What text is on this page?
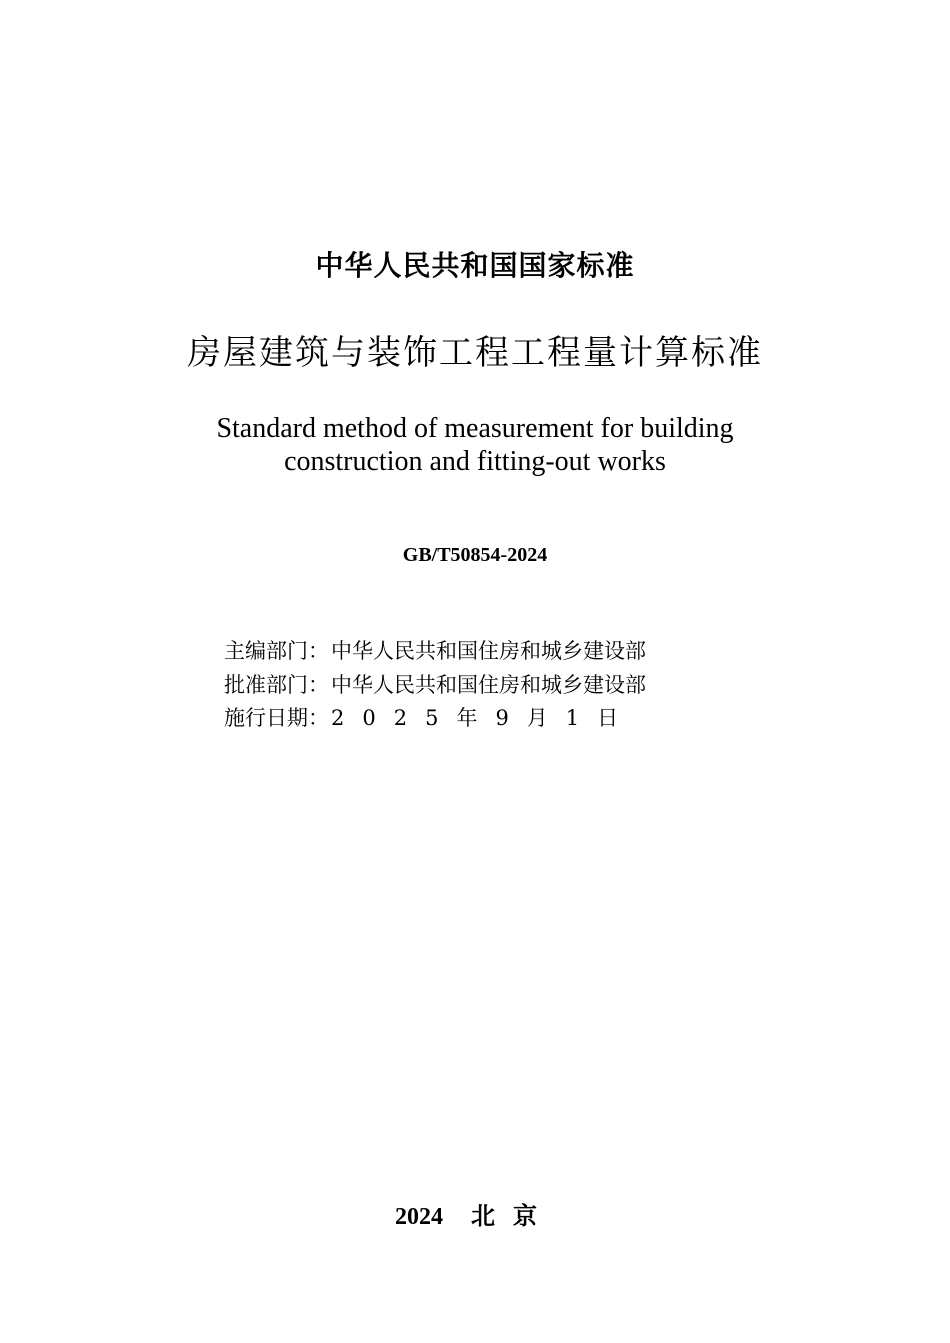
中华人民共和国国家标准
房屋建筑与装饰工程工程量计算标准
Standard method of measurement for building
construction and fitting-out works
GB/T50854-2024
主编部门：中华人民共和国住房和城乡建设部
批准部门：中华人民共和国住房和城乡建设部
施行日期：2025年9月1日
2024 北京
